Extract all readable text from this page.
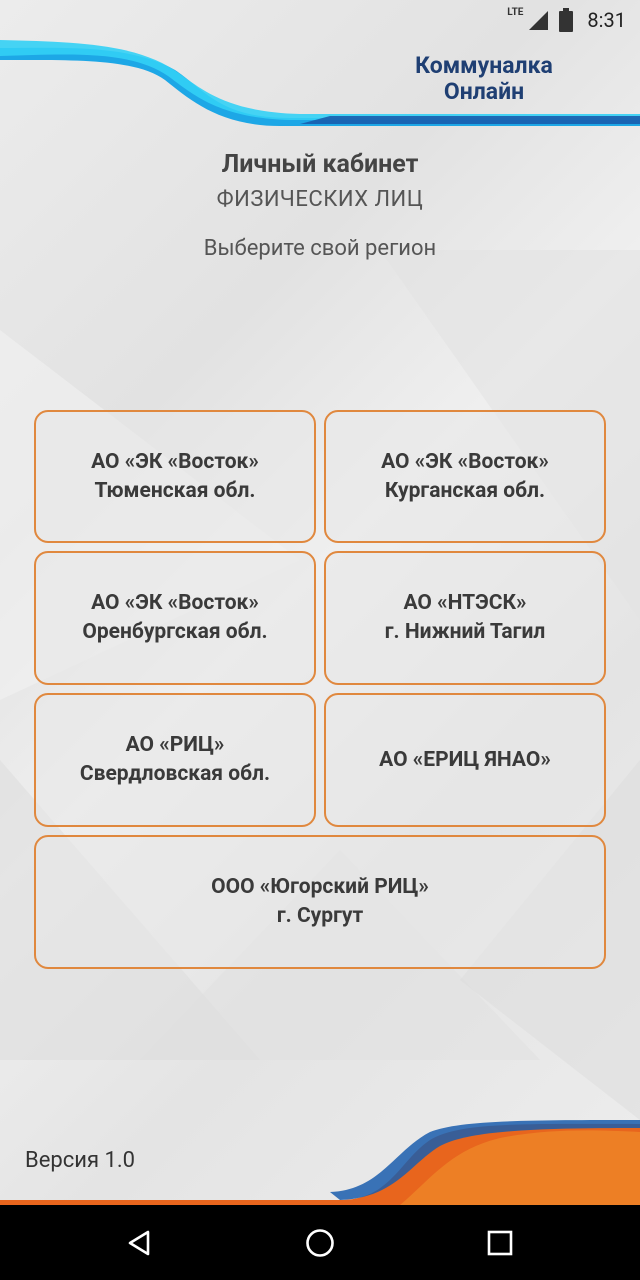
LTE	8:31
Коммуналка
Онлайн
Личный кабинет
ФИЗИЧЕСКИХ ЛИЦ
Выберите свой регион
АО «ЭК «Восток»
Тюменская обл.
АО «ЭК «Восток»
Курганская обл.
АО «ЭК «Восток»
Оренбургская обл.
АО «НТЭСК»
г. Нижний Тагил
АО «РИЦ»
Свердловская обл.
АО «ЕРИЦ ЯНАО»
ООО «Югорский РИЦ»
г. Сургут
Версия 1.0
